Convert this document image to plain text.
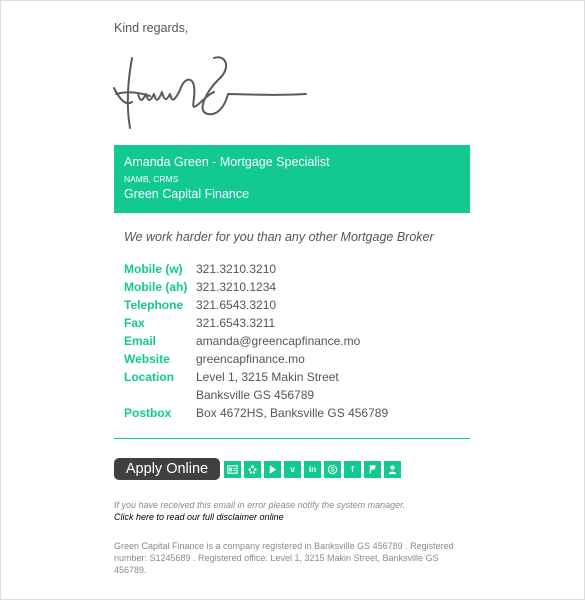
Kind regards,
Amanda Green - Mortgage Specialist
NAMB, CRMS
Green Capital Finance
We work harder for you than any other Mortgage Broker
Mobile (w)	321.3210.3210
Mobile (ah) 321.3210.1234
Telephone	321.6543.3210
Fax	321.6543.3211
Email	amanda@greencapfinance.mo
Website	greencapfinance.mo
Location	Level 1, 3215 Makin Street
Banksville GS 456789
Postbox	Box 4672HS, Banksville GS 456789
Apply Online	v	in	S	f
If you have received this email in error please notify the system manager.
Click here to read our full disclaimer online
Green Capital Finance is a company registered in Banksville GS 456789 . Registered number: S1245689 . Registered office: Level 1, 3215 Makin Street, Banksville GS 456789.
